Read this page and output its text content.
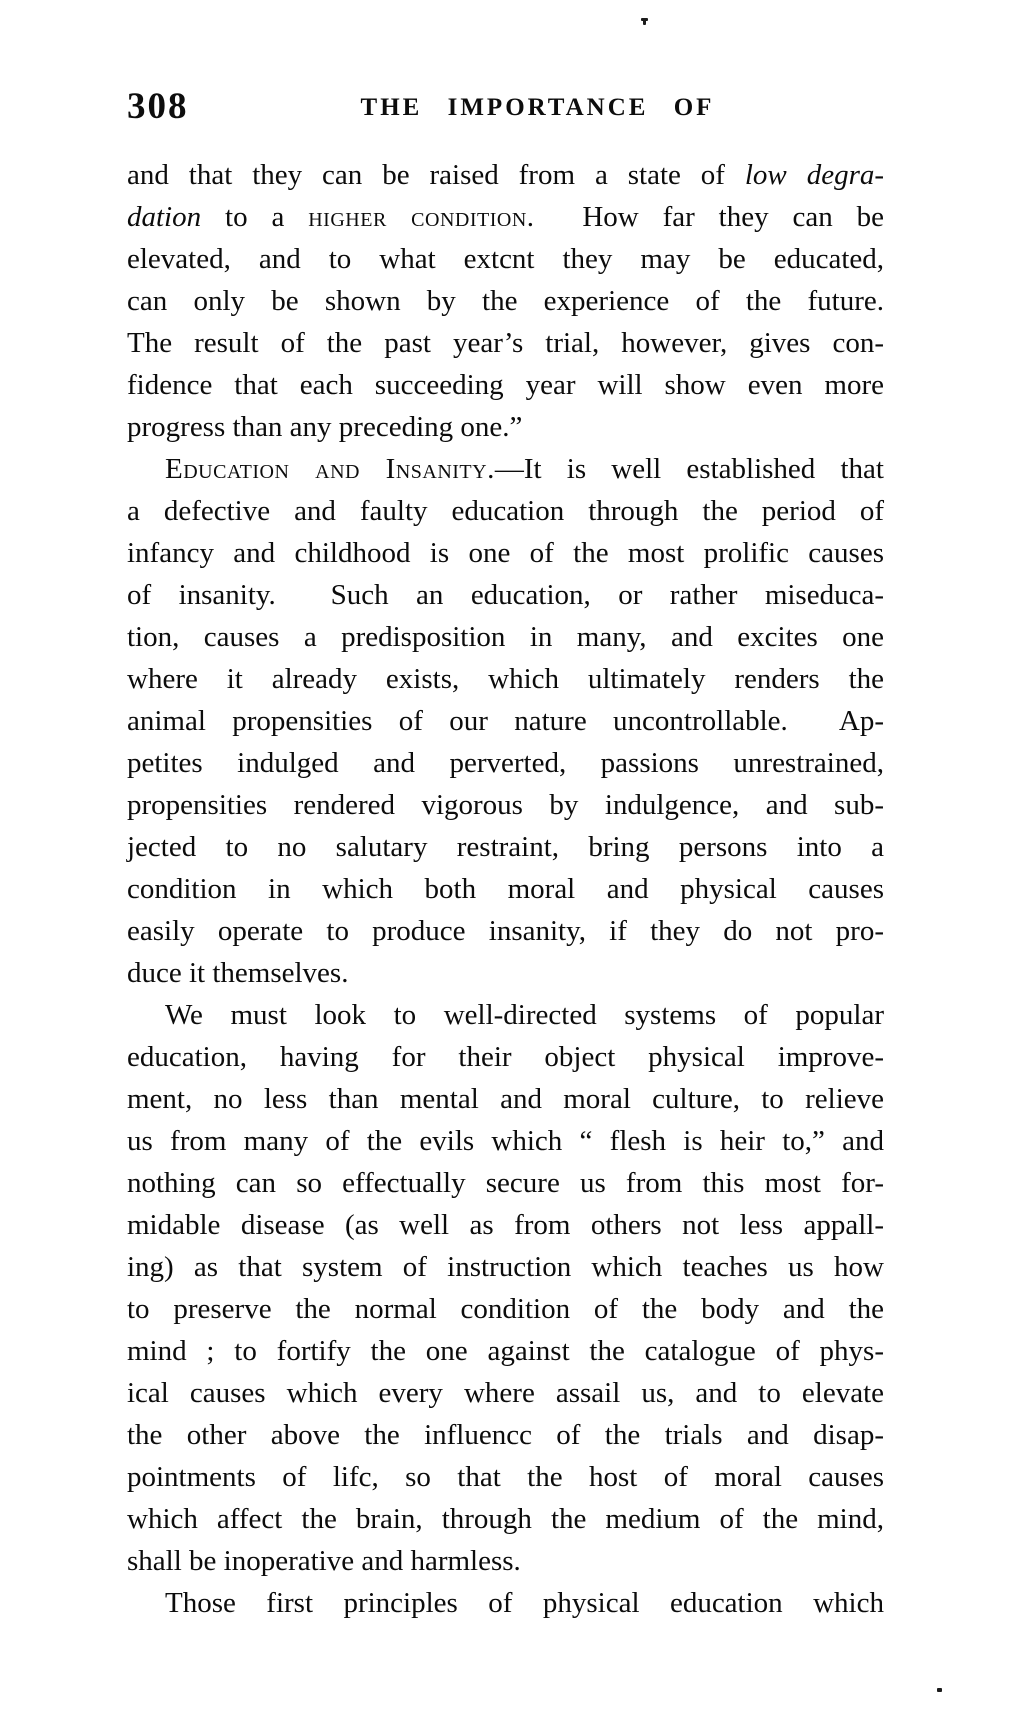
308	THE IMPORTANCE OF
and that they can be raised from a state of low degra-
dation to a higher condition.  How far they can be
elevated, and to what extcnt they may be educated,
can only be shown by the experience of the future.
The result of the past year’s trial, however, gives con-
fidence that each succeeding year will show even more
progress than any preceding one.”
Education and Insanity.—It is well established that
a defective and faulty education through the period of
infancy and childhood is one of the most prolific causes
of insanity.  Such an education, or rather miseduca-
tion, causes a predisposition in many, and excites one
where it already exists, which ultimately renders the
animal propensities of our nature uncontrollable.  Ap-
petites indulged and perverted, passions unrestrained,
propensities rendered vigorous by indulgence, and sub-
jected to no salutary restraint, bring persons into a
condition in which both moral and physical causes
easily operate to produce insanity, if they do not pro-
duce it themselves.
We must look to well-directed systems of popular
education, having for their object physical improve-
ment, no less than mental and moral culture, to relieve
us from many of the evils which “ flesh is heir to,” and
nothing can so effectually secure us from this most for-
midable disease (as well as from others not less appall-
ing) as that system of instruction which teaches us how
to preserve the normal condition of the body and the
mind ; to fortify the one against the catalogue of phys-
ical causes which every where assail us, and to elevate
the other above the influencc of the trials and disap-
pointments of lifc, so that the host of moral causes
which affect the brain, through the medium of the mind,
shall be inoperative and harmless.
Those first principles of physical education which
